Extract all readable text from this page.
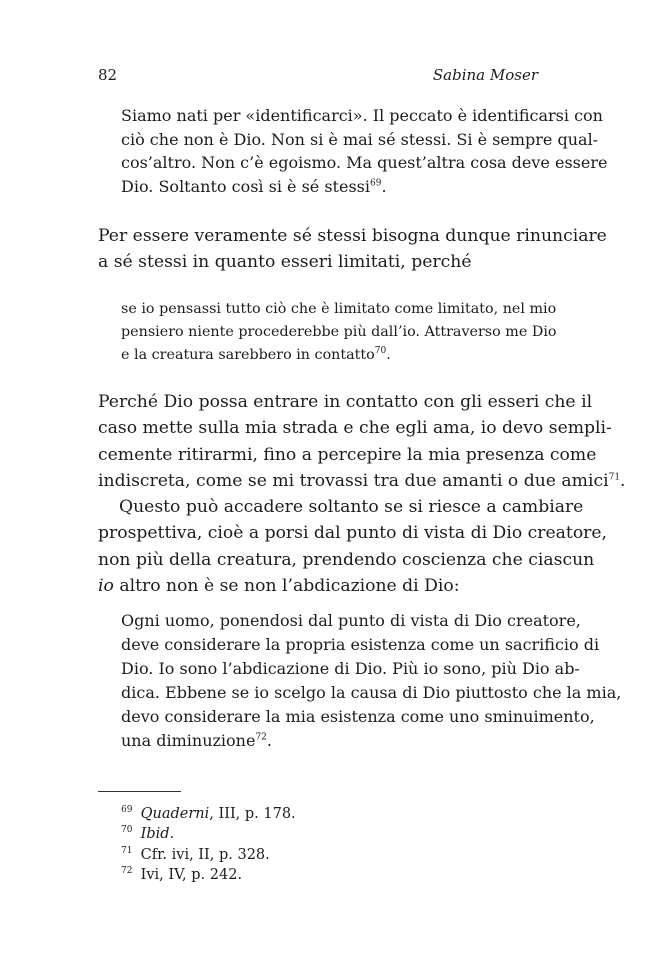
82	Sabina Moser
Siamo nati per «identificarci». Il peccato è identificarsi con
ciò che non è Dio. Non si è mai sé stessi. Si è sempre qual-
cos’altro. Non c’è egoismo. Ma quest’altra cosa deve essere
Dio. Soltanto così si è sé stessi$^{69}$.
Per essere veramente sé stessi bisogna dunque rinunciare
a sé stessi in quanto esseri limitati, perché
se io pensassi tutto ciò che è limitato come limitato, nel mio
pensiero niente procederebbe più dall’io. Attraverso me Dio
e la creatura sarebbero in contatto$^{70}$.
Perché Dio possa entrare in contatto con gli esseri che il
caso mette sulla mia strada e che egli ama, io devo sempli-
cemente ritirarmi, fino a percepire la mia presenza come
indiscreta, come se mi trovassi tra due amanti o due amici$^{71}$.
Questo può accadere soltanto se si riesce a cambiare
prospettiva, cioè a porsi dal punto di vista di Dio creatore,
non più della creatura, prendendo coscienza che ciascun
io altro non è se non l’abdicazione di Dio:
Ogni uomo, ponendosi dal punto di vista di Dio creatore,
deve considerare la propria esistenza come un sacrificio di
Dio. Io sono l’abdicazione di Dio. Più io sono, più Dio ab-
dica. Ebbene se io scelgo la causa di Dio piuttosto che la mia,
devo considerare la mia esistenza come uno sminuimento,
una diminuzione$^{72}$.
69 Quaderni, III, p. 178.
70 Ibid.
71 Cfr. ivi, II, p. 328.
72 Ivi, IV, p. 242.
